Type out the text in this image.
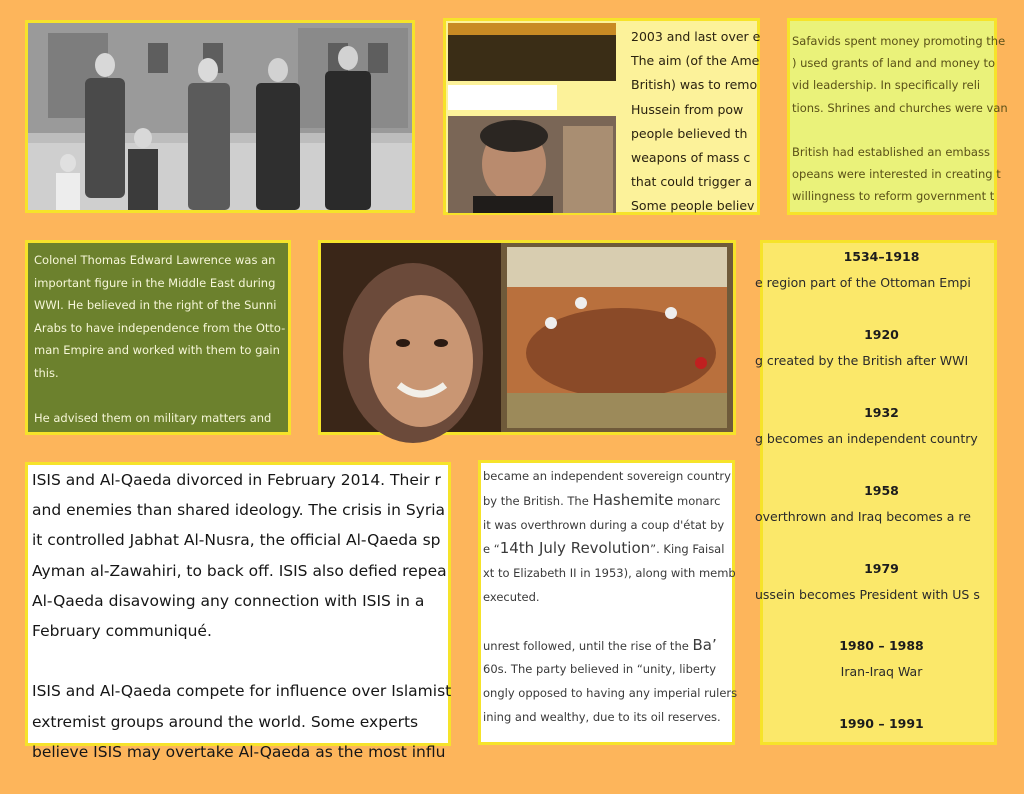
2003 and last over e
The aim (of the Ame
British) was to remo
Hussein from pow
people believed th
weapons of mass c
that could trigger a
Some people believ
Safavids spent money promoting the
) used grants of land and money to
vid leadership. In specifically reli
tions. Shrines and churches were van

British had established an embass
opeans were interested in creating t
willingness to reform government t
Colonel Thomas Edward Lawrence was an
important figure in the Middle East during
WWI. He believed in the right of the Sunni
Arabs to have independence from the Otto-
man Empire and worked with them to gain
this.

He advised them on military matters and
1534–1918
e region part of the Ottoman Empi
1920
g created by the British after WWI
1932
g becomes an independent country
1958
overthrown and Iraq becomes a re
1979
ussein becomes President with US s
1980 – 1988
Iran-Iraq War
1990 – 1991

ISIS and Al-Qaeda divorced in February 2014. Their r

and enemies than shared ideology. The crisis in Syria

it controlled Jabhat Al-Nusra, the official Al-Qaeda sp

Ayman al-Zawahiri, to back off. ISIS also defied repea

Al-Qaeda disavowing any connection with ISIS in a

February communiqué.

ISIS and Al-Qaeda compete for influence over Islamist

extremist groups around the world. Some experts

believe ISIS may overtake Al-Qaeda as the most influ

became an independent sovereign country
by the British. The Hashemite monarc
it was overthrown during a coup d'état by
e “14th July Revolution”. King Faisal
xt to Elizabeth II in 1953), along with memb
executed.

unrest followed, until the rise of the Ba’
60s. The party believed in “unity, liberty
ongly opposed to having any imperial rulers
ining and wealthy, due to its oil reserves.
